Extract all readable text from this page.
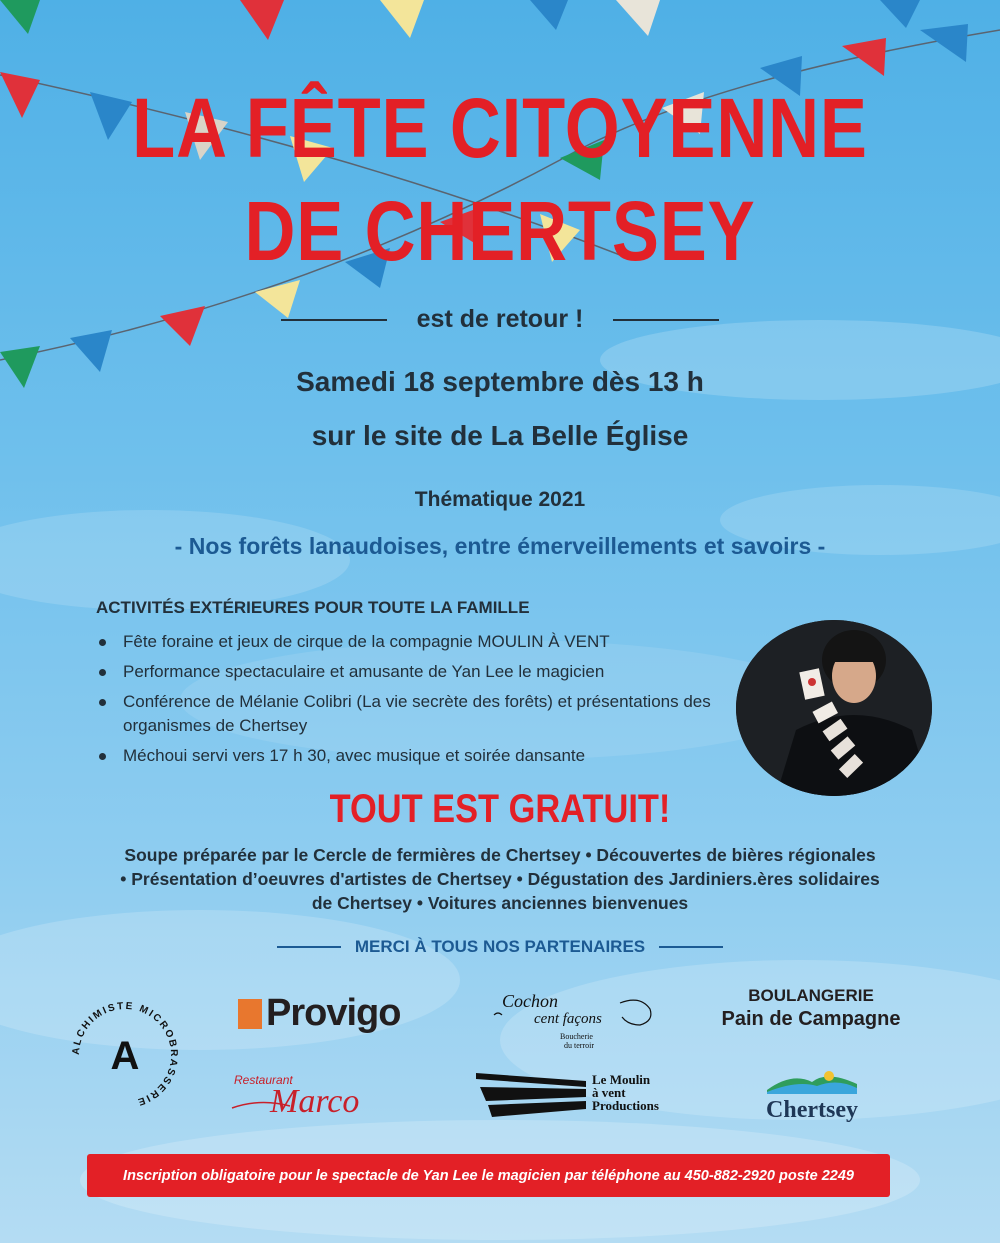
LA FÊTE CITOYENNE
DE CHERTSEY
est de retour !
Samedi 18 septembre dès 13 h
sur le site de La Belle Église
Thématique 2021
- Nos forêts lanaudoises, entre émerveillements et savoirs -
ACTIVITÉS EXTÉRIEURES POUR TOUTE LA FAMILLE
Fête foraine et jeux de cirque de la compagnie MOULIN À VENT
Performance spectaculaire et amusante de Yan Lee le magicien
Conférence de Mélanie Colibri (La vie secrète des forêts) et présentations des organismes de Chertsey
Méchoui servi vers 17 h 30, avec musique et soirée dansante
TOUT EST GRATUIT!
Soupe préparée par le Cercle de fermières de Chertsey • Découvertes de bières régionales • Présentation d’oeuvres d'artistes de Chertsey • Dégustation des Jardiniers.ères solidaires de Chertsey • Voitures anciennes bienvenues
MERCI À TOUS NOS PARTENAIRES
ALCHIMISTE MICROBRASSERIE
A
Provigo	Cochon
cent façons
Boucherie
du terroir
BOULANGERIE
Pain de Campagne
Restaurant
Marco
Le Moulin
à vent
Productions	Chertsey
Inscription obligatoire pour le spectacle de Yan Lee le magicien par téléphone au 450-882-2920 poste 2249
